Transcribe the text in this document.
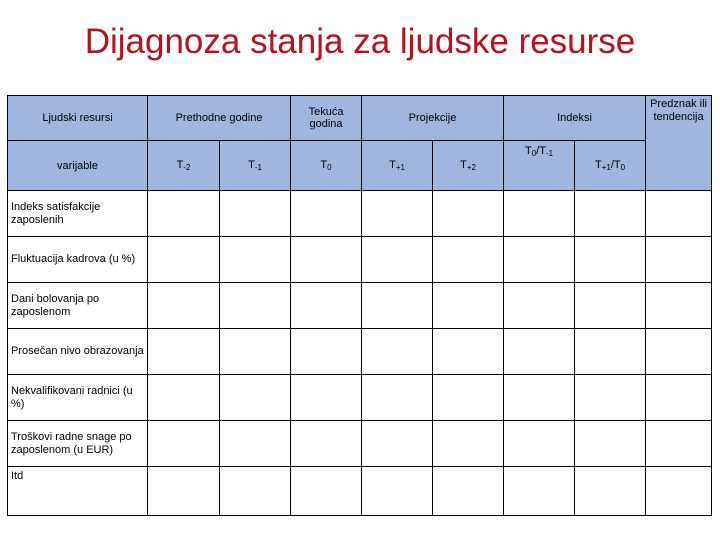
Dijagnoza stanja za ljudske resurse
Ljudski resursi	Prethodne godine		Tekuća godina	Projekcije		Indeksi		Predznak ili tendencija
varijable	$T_{-2}$	$T_{-1}$	$T_0$	$T_{+1}$	$T_{+2}$	$T_0/T_{-1}$	$T_{+1}/T_0$
Indeks satisfakcije zaposlenih								
Fluktuacija kadrova (u %)								
Dani bolovanja po zaposlenom								
Prosečan nivo obrazovanja								
Nekvalifikovani radnici (u %)								
Troškovi radne snage po zaposlenom (u EUR)								
Itd								
